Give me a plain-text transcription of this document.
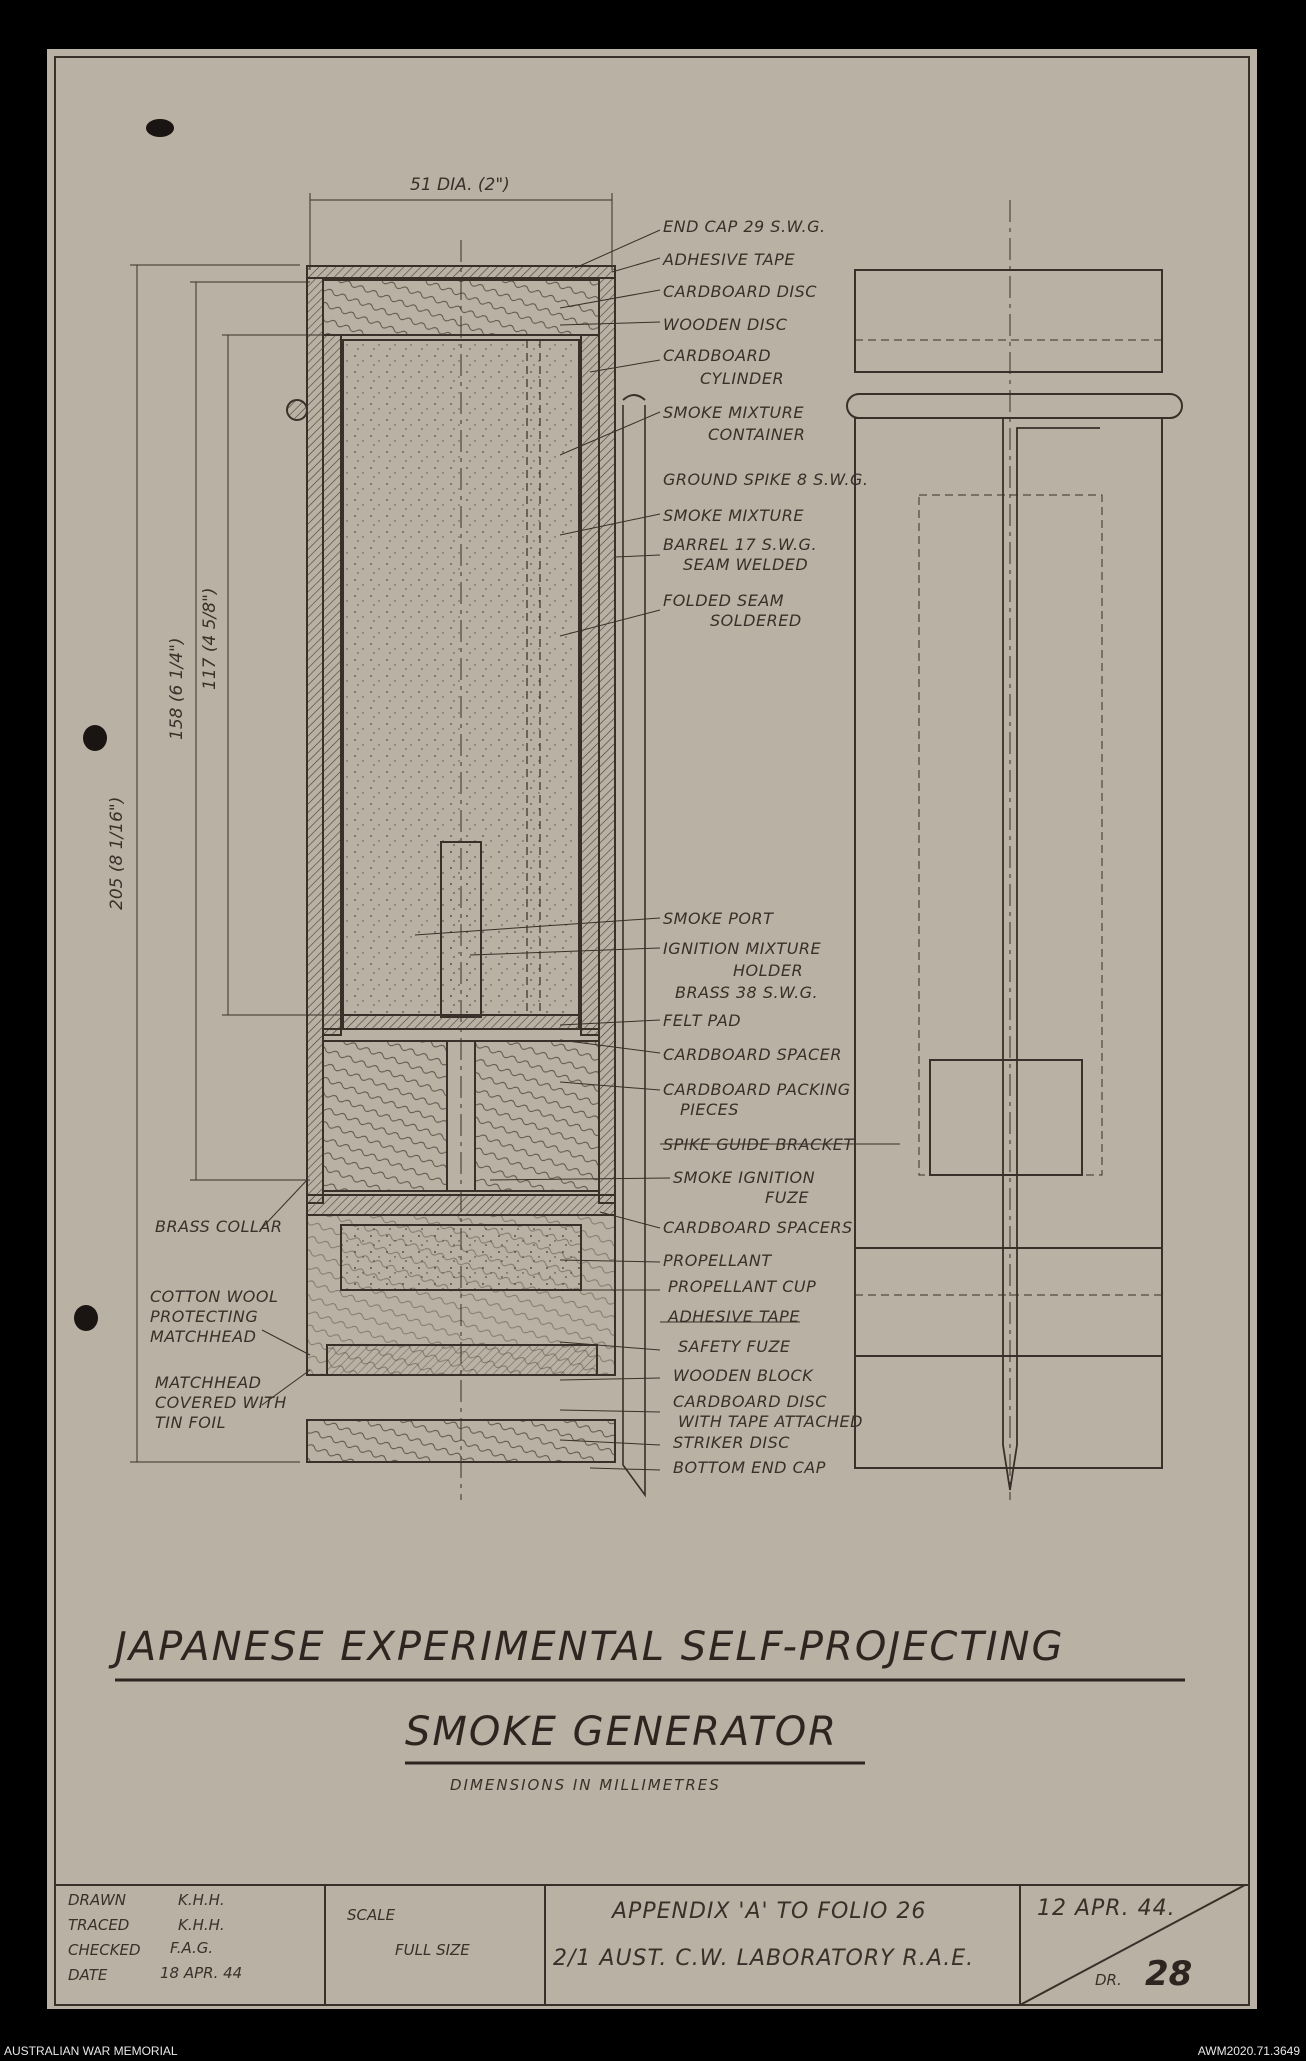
51 DIA. (2")
205 (8 1/16")
158 (6 1/4") 117 (4 5/8")
END CAP 29 S.W.G.
ADHESIVE TAPE
CARDBOARD DISC
WOODEN DISC
CARDBOARD
CYLINDER
SMOKE MIXTURE
CONTAINER
GROUND SPIKE 8 S.W.G.
SMOKE MIXTURE
BARREL 17 S.W.G.
SEAM WELDED
FOLDED SEAM
SOLDERED
SMOKE PORT
IGNITION MIXTURE
HOLDER
BRASS 38 S.W.G.
FELT PAD
CARDBOARD SPACER
CARDBOARD PACKING
PIECES
SPIKE GUIDE BRACKET
SMOKE IGNITION
FUZE
CARDBOARD SPACERS
PROPELLANT
PROPELLANT CUP
ADHESIVE TAPE
SAFETY FUZE
WOODEN BLOCK
CARDBOARD DISC
WITH TAPE ATTACHED
STRIKER DISC
BOTTOM END CAP
BRASS COLLAR
COTTON WOOL
PROTECTING
MATCHHEAD
MATCHHEAD
COVERED WITH
TIN FOIL
JAPANESE EXPERIMENTAL SELF-PROJECTING
SMOKE GENERATOR
DIMENSIONS IN MILLIMETRES
DRAWN	K.H.H.
TRACED	K.H.H.
CHECKED F.A.G.
DATE	18 APR. 44
SCALE
FULL SIZE
APPENDIX 'A' TO FOLIO 26
2/1 AUST. C.W. LABORATORY R.A.E.
12 APR. 44.
DR. 28
AUSTRALIAN WAR MEMORIAL	AWM2020.71.3649
